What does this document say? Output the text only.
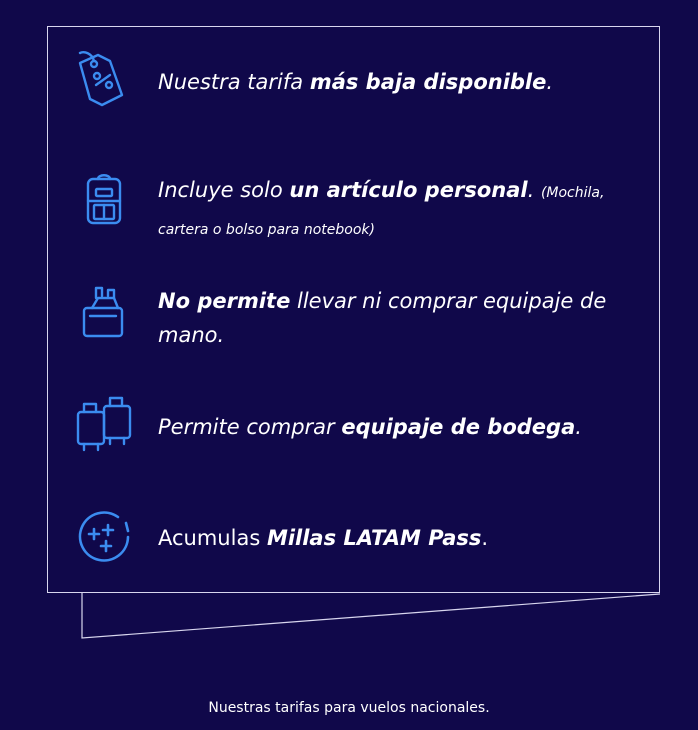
Nuestra tarifa más baja disponible.
Incluye solo un artículo personal. (Mochila, cartera o bolso para notebook)
No permite llevar ni comprar equipaje de mano.
Permite comprar equipaje de bodega.
Acumulas Millas LATAM Pass.
Nuestras tarifas para vuelos nacionales.
